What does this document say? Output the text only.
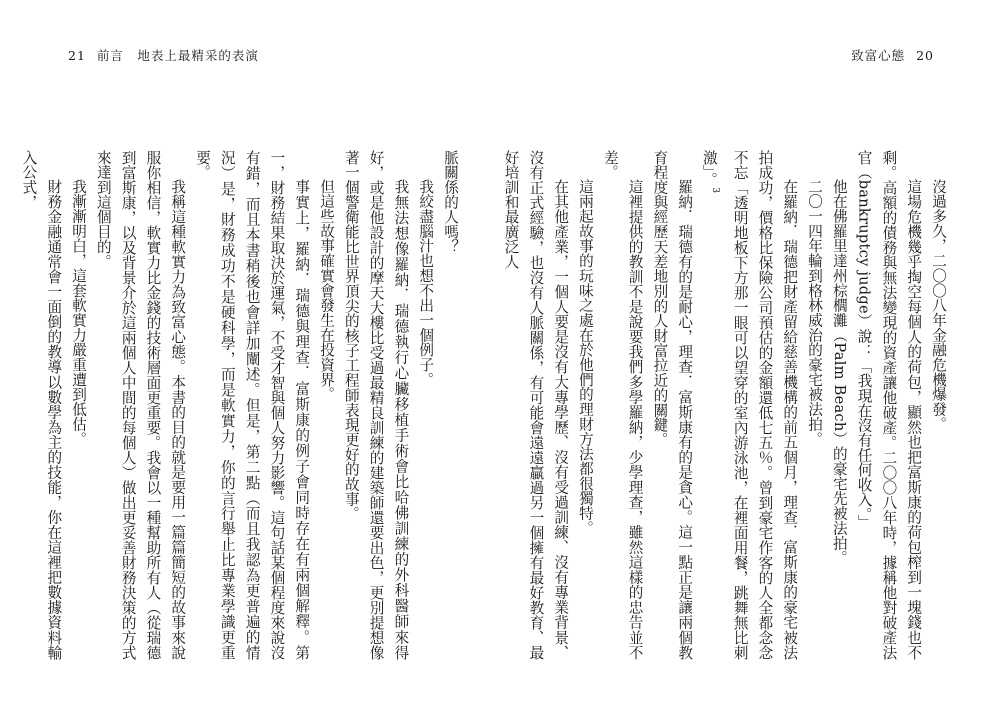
21 前言　地表上最精采的表演	致富心態 20

沒過多久，二〇〇八年金融危機爆發。

這場危機幾乎掏空每個人的荷包，顯然也把富斯康的荷包榨到一塊錢也不剩。高額的債務與無法變現的資產讓他破產。二〇〇八年時，據稱他對破產法官（bankruptcy judge）說：「我現在沒有任何收入。」

他在佛羅里達州棕櫚灘（Palm Beach）的豪宅先被法拍。

二〇一四年輪到格林威治的豪宅被法拍。

在羅納．瑞德把財產留給慈善機構的前五個月，理查．富斯康的豪宅被法拍成功，價格比保險公司預估的金額還低七五％。曾到豪宅作客的人全都念念不忘「透明地板下方那一眼可以望穿的室內游泳池，在裡面用餐，跳舞無比刺激」。$^3$

羅納．瑞德有的是耐心，理查．富斯康有的是貪心。這一點正是讓兩個教育程度與經歷天差地別的人財富拉近的關鍵。

這裡提供的教訓不是說要我們多學羅納，少學理查，雖然這樣的忠告並不差。

這兩起故事的玩味之處在於他們的理財方法都很獨特。

在其他產業，一個人要是沒有大專學歷、沒有受過訓練、沒有專業背景、沒有正式經驗，也沒有人脈關係，有可能會遠遠贏過另一個擁有最好教育、最好培訓和最廣泛人

脈關係的人嗎？

我絞盡腦汁也想不出一個例子。

我無法想像羅納．瑞德執行心臟移植手術會比哈佛訓練的外科醫師來得好，或是他設計的摩天大樓比受過最精良訓練的建築師還要出色，更別提想像著一個警衛能比世界頂尖的核子工程師表現更好的故事。

但這些故事確實會發生在投資界。

事實上，羅納．瑞德與理查．富斯康的例子會同時存在有兩個解釋。第一，財務結果取決於運氣，不受才智與個人努力影響。這句話某個程度來說沒有錯，而且本書稍後也會詳加闡述。但是，第二點（而且我認為更普遍的情況）是，財務成功不是硬科學，而是軟實力，你的言行舉止比專業學識更重要。

我稱這種軟實力為致富心態。本書的目的就是要用一篇篇簡短的故事來說服你相信，軟實力比金錢的技術層面更重要。我會以一種幫助所有人（從瑞德到富斯康，以及背景介於這兩個人中間的每個人）做出更妥善財務決策的方式來達到這個目的。

我漸漸明白，這套軟實力嚴重遭到低估。

財務金融通常會一面倒的教導以數學為主的技能，你在這裡把數據資料輸入公式，
